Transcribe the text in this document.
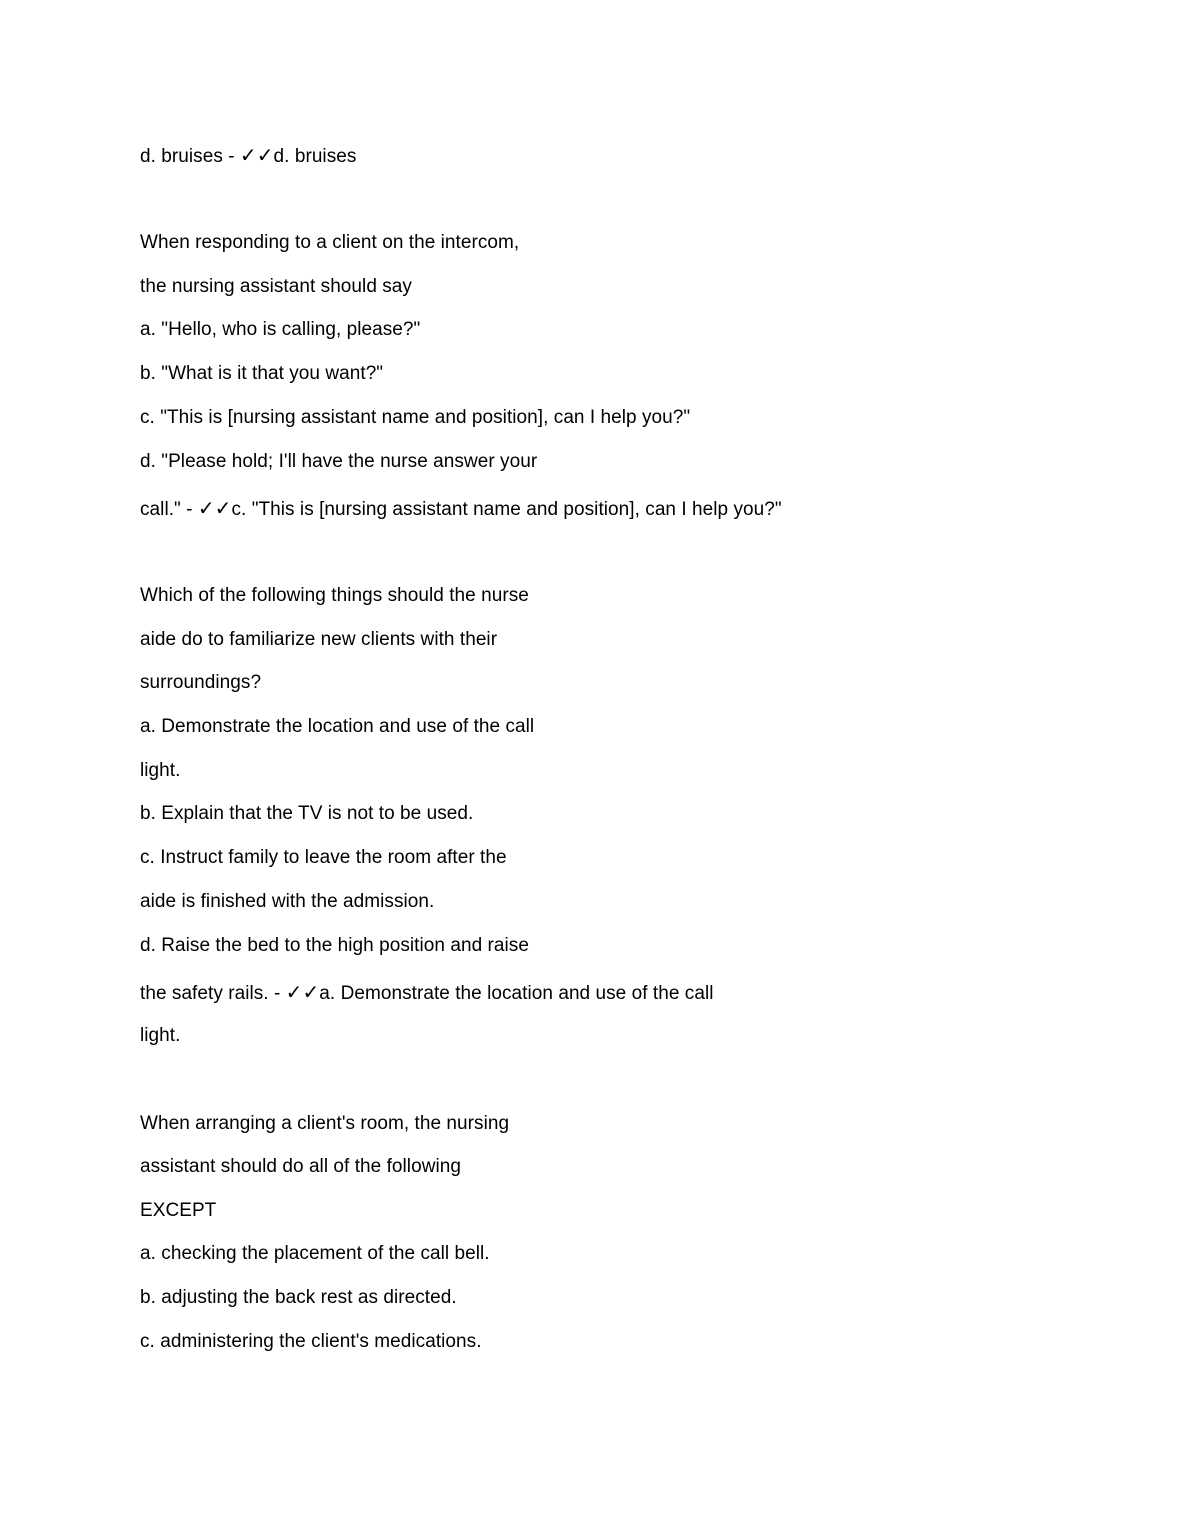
d. bruises - ✓✓d. bruises
When responding to a client on the intercom,
the nursing assistant should say
a. "Hello, who is calling, please?"
b. "What is it that you want?"
c. "This is [nursing assistant name and position], can I help you?"
d. "Please hold; I'll have the nurse answer your
call." - ✓✓c. "This is [nursing assistant name and position], can I help you?"
Which of the following things should the nurse
aide do to familiarize new clients with their
surroundings?
a. Demonstrate the location and use of the call
light.
b. Explain that the TV is not to be used.
c. Instruct family to leave the room after the
aide is finished with the admission.
d. Raise the bed to the high position and raise
the safety rails. - ✓✓a. Demonstrate the location and use of the call
light.
When arranging a client's room, the nursing
assistant should do all of the following
EXCEPT
a. checking the placement of the call bell.
b. adjusting the back rest as directed.
c. administering the client's medications.
